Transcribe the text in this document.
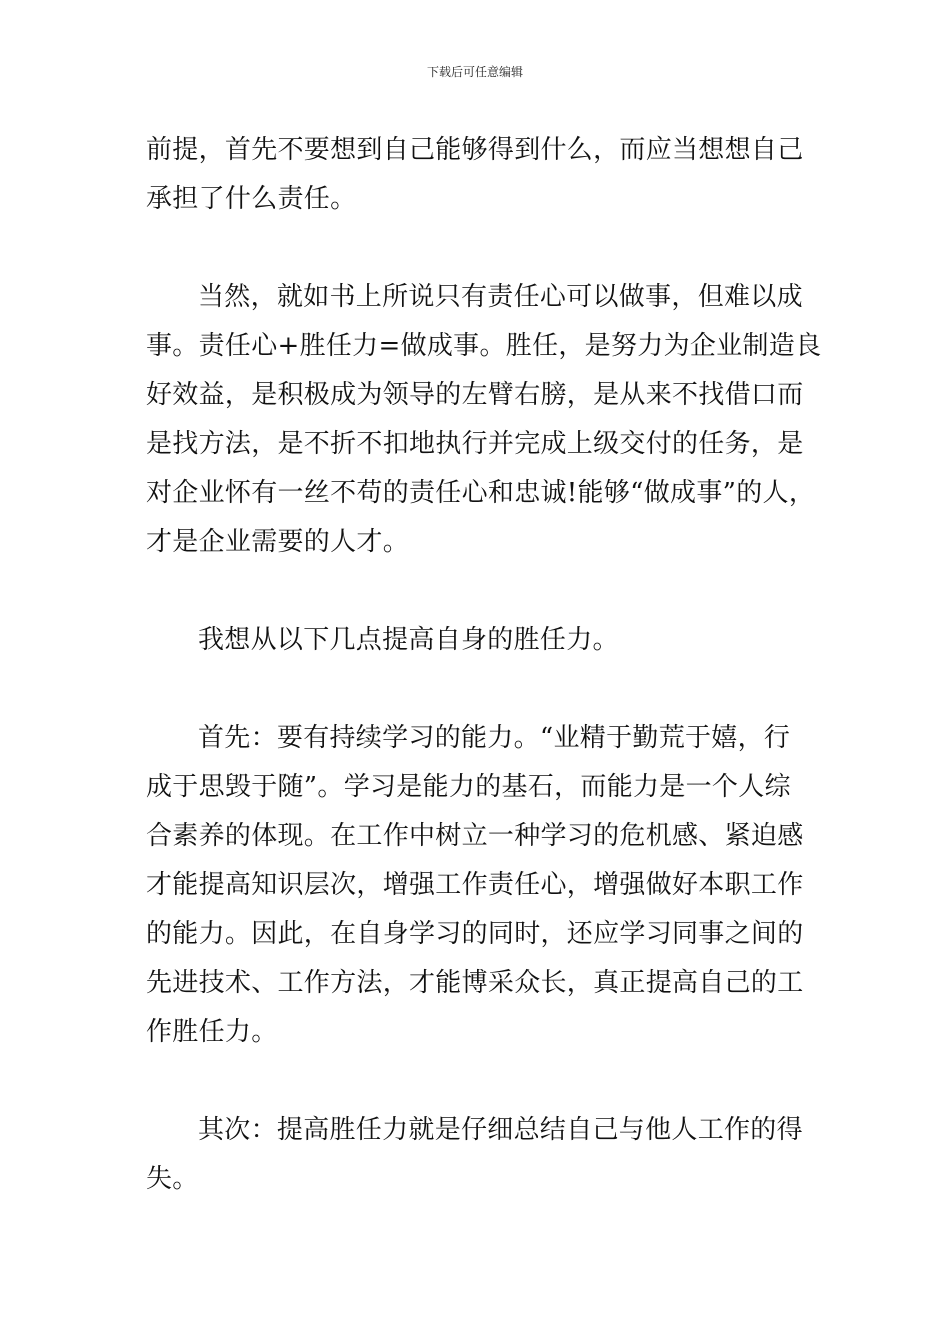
下载后可任意编辑
前提，首先不要想到自己能够得到什么，而应当想想自己
承担了什么责任。
当然，就如书上所说只有责任心可以做事，但难以成
事。责任心+胜任力=做成事。胜任，是努力为企业制造良
好效益，是积极成为领导的左臂右膀，是从来不找借口而
是找方法，是不折不扣地执行并完成上级交付的任务，是
对企业怀有一丝不苟的责任心和忠诚!能够“做成事”的人，
才是企业需要的人才。
我想从以下几点提高自身的胜任力。
首先：要有持续学习的能力。“业精于勤荒于嬉，行
成于思毁于随”。学习是能力的基石，而能力是一个人综
合素养的体现。在工作中树立一种学习的危机感、紧迫感
才能提高知识层次，增强工作责任心，增强做好本职工作
的能力。因此，在自身学习的同时，还应学习同事之间的
先进技术、工作方法，才能博采众长，真正提高自己的工
作胜任力。
其次：提高胜任力就是仔细总结自己与他人工作的得
失。
